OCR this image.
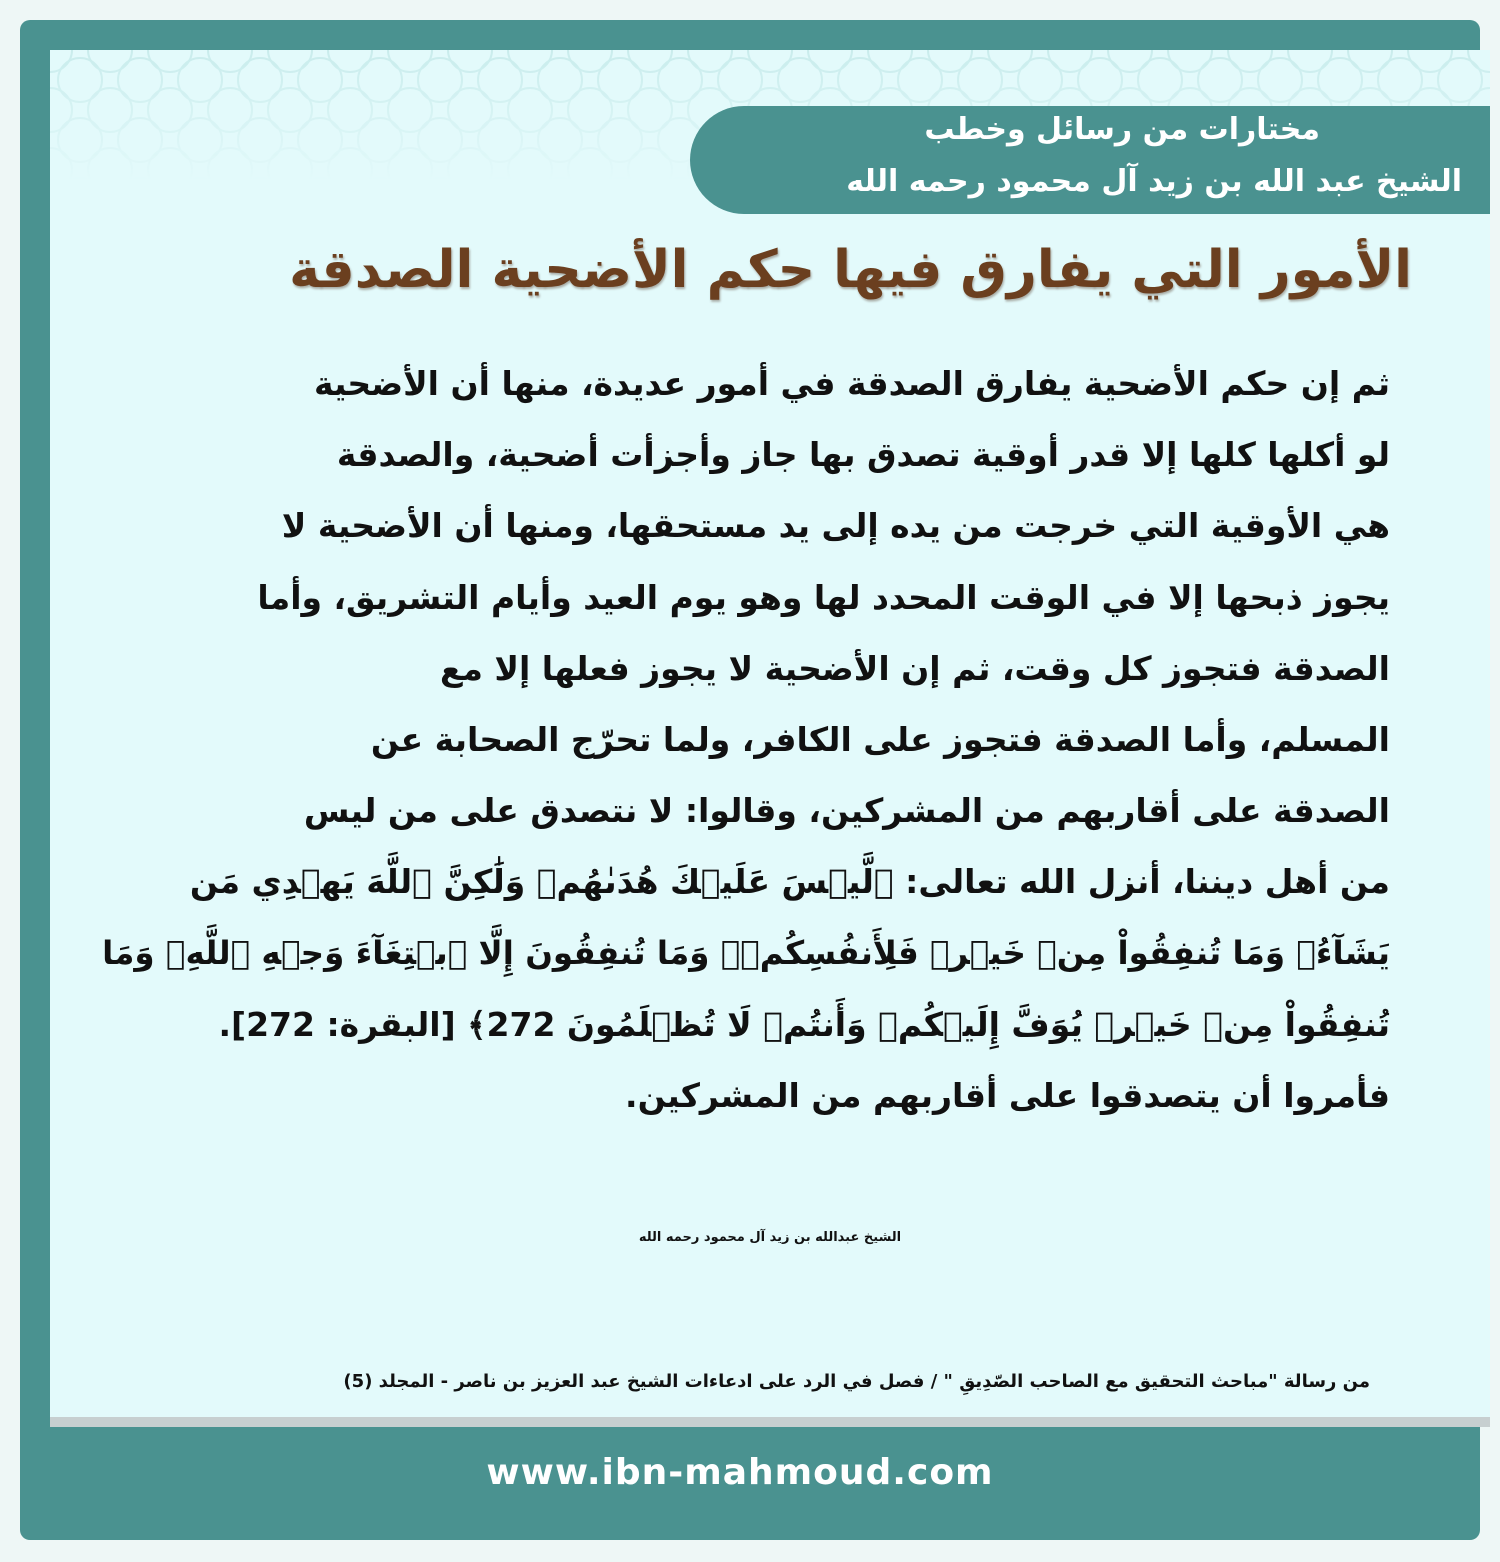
مختارات من رسائل وخطب

الشيخ عبد الله بن زيد آل محمود رحمه الله

الأمور التي يفارق فيها حكم الأضحية الصدقة
ثم إن حكم الأضحية يفارق الصدقة في أمور عديدة، منها أن الأضحية
لو أكلها كلها إلا قدر أوقية تصدق بها جاز وأجزأت أضحية، والصدقة
هي الأوقية التي خرجت من يده إلى يد مستحقها، ومنها أن الأضحية لا
يجوز ذبحها إلا في الوقت المحدد لها وهو يوم العيد وأيام التشريق، وأما
الصدقة فتجوز كل وقت، ثم إن الأضحية لا يجوز فعلها إلا مع
المسلم، وأما الصدقة فتجوز على الكافر، ولما تحرّج الصحابة عن
الصدقة على أقاربهم من المشركين، وقالوا: لا نتصدق على من ليس
من أهل ديننا، أنزل الله تعالى: ﴿لَّيۡسَ عَلَيۡكَ هُدَىٰهُمۡ وَلَٰكِنَّ ٱللَّهَ يَهۡدِي مَن
يَشَآءُۗ وَمَا تُنفِقُواْ مِنۡ خَيۡرٖ فَلِأَنفُسِكُمۡۚ وَمَا تُنفِقُونَ إِلَّا ٱبۡتِغَآءَ وَجۡهِ ٱللَّهِۚ وَمَا
تُنفِقُواْ مِنۡ خَيۡرٖ يُوَفَّ إِلَيۡكُمۡ وَأَنتُمۡ لَا تُظۡلَمُونَ 272﴾ [البقرة: 272].
فأمروا أن يتصدقوا على أقاربهم من المشركين.

الشيخ عبدالله بن زيد آل محمود رحمه الله

من رسالة "مباحث التحقيق مع الصاحب الصّدِيقِ " / فصل في الرد على ادعاءات الشيخ عبد العزيز بن ناصر - المجلد (5)

www.ibn-mahmoud.com
